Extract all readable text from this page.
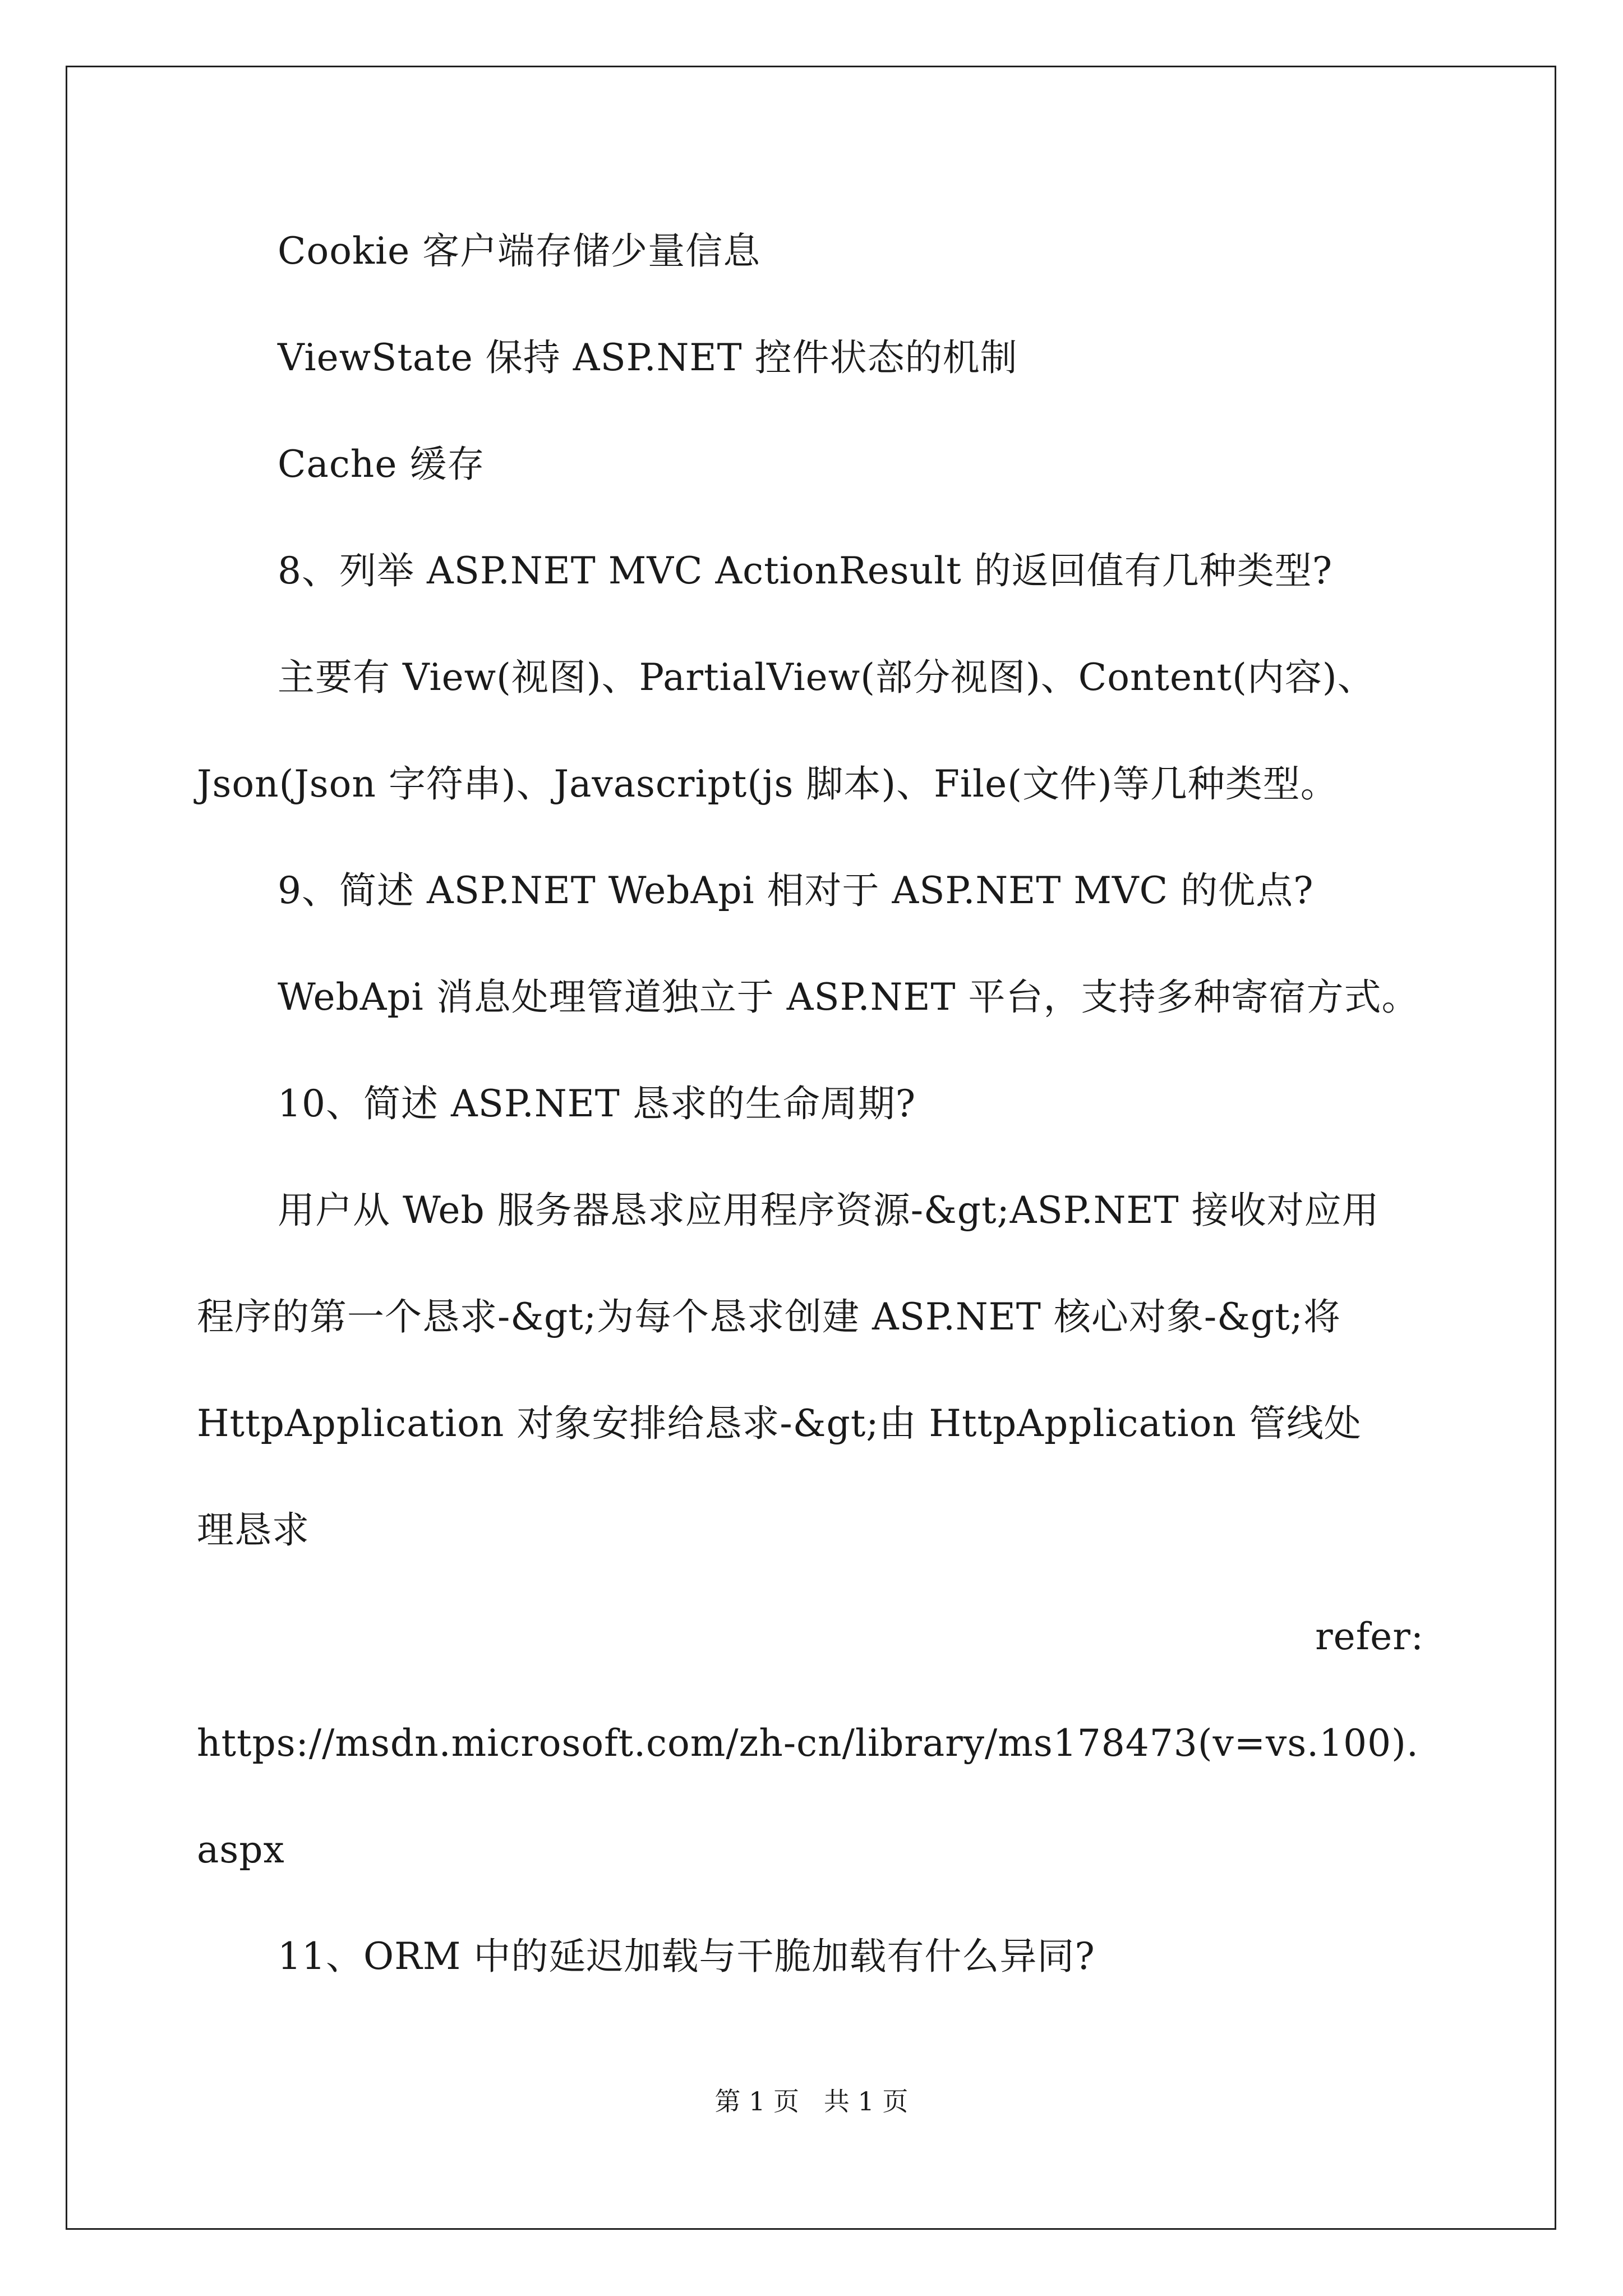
Cookie 客户端存储少量信息
ViewState 保持 ASP.NET 控件状态的机制
Cache 缓存
8、列举 ASP.NET MVC ActionResult 的返回值有几种类型?
主要有 View(视图)、PartialView(部分视图)、Content(内容)、
Json(Json 字符串)、Javascript(js 脚本)、File(文件)等几种类型。
9、简述 ASP.NET WebApi 相对于 ASP.NET MVC 的优点?
WebApi 消息处理管道独立于 ASP.NET 平台，支持多种寄宿方式。
10、简述 ASP.NET 恳求的生命周期?
用户从 Web 服务器恳求应用程序资源-&gt;ASP.NET 接收对应用
程序的第一个恳求-&gt;为每个恳求创建 ASP.NET 核心对象-&gt;将
HttpApplication 对象安排给恳求-&gt;由 HttpApplication 管线处
理恳求
refer:
https://msdn.microsoft.com/zh-cn/library/ms178473(v=vs.100).
aspx
11、ORM 中的延迟加载与干脆加载有什么异同?
第 1 页   共 1 页
